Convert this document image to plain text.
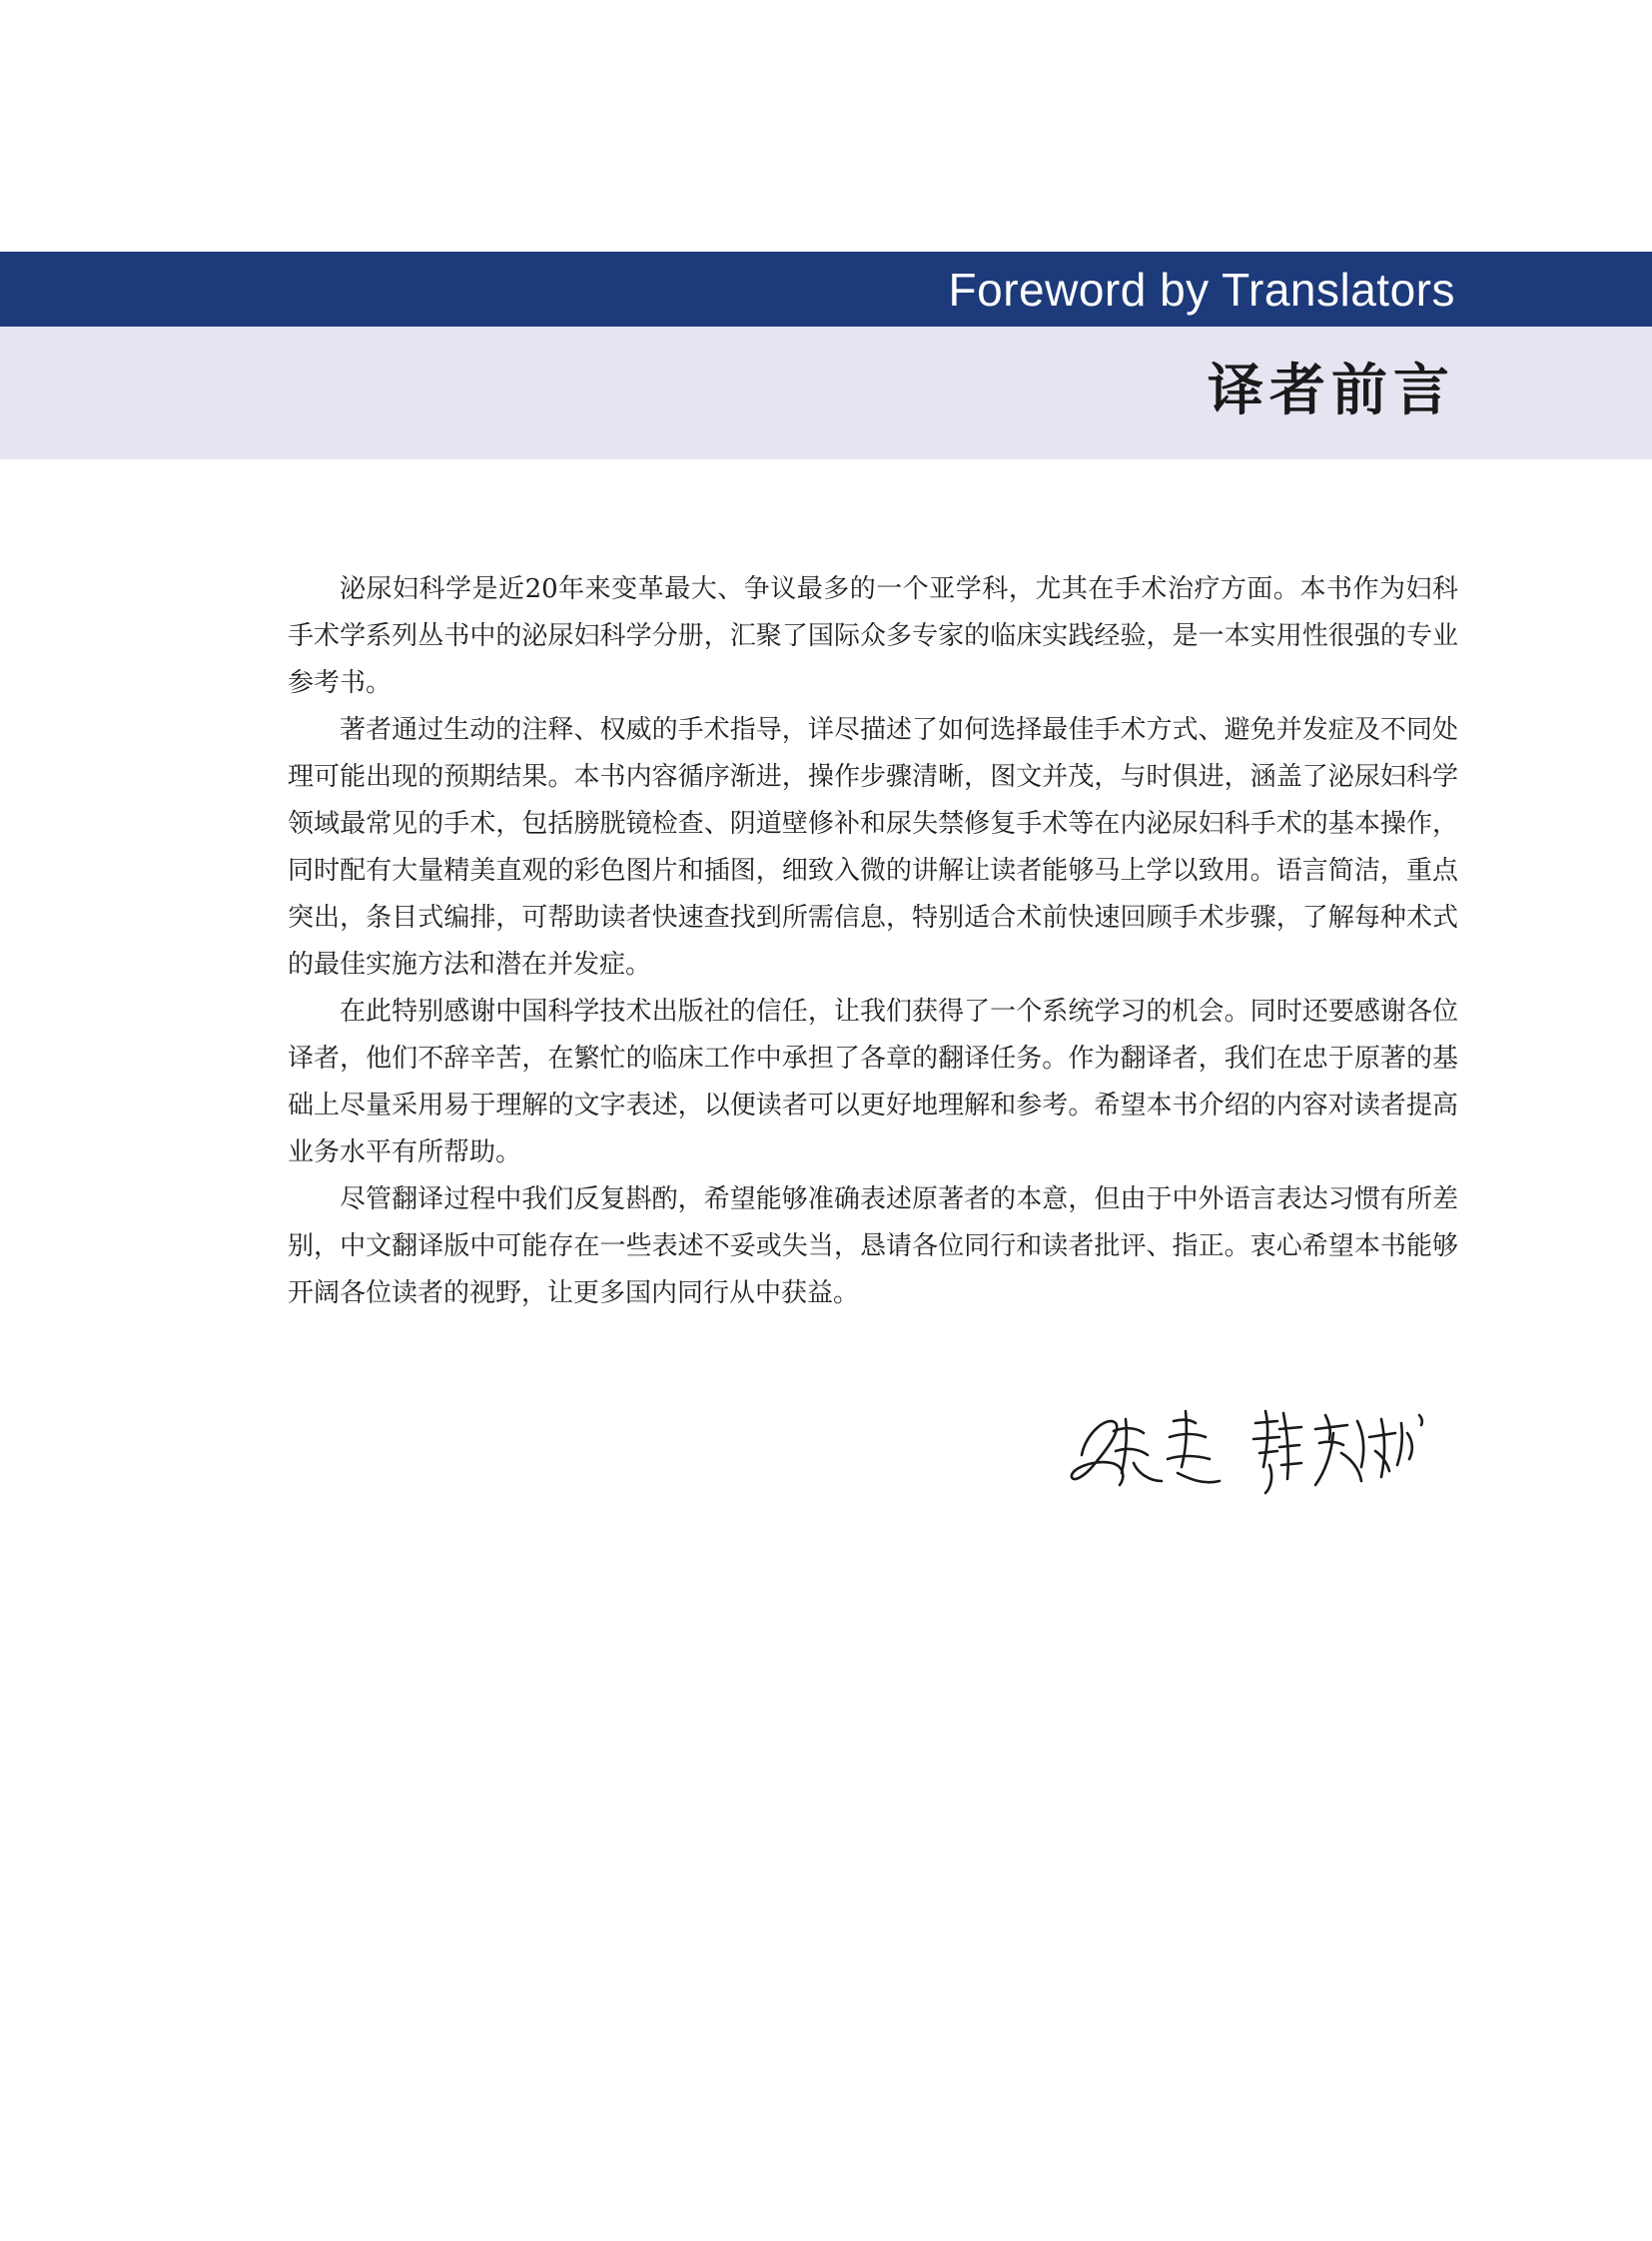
Foreword by Translators
译者前言

泌尿妇科学是近20年来变革最大、争议最多的一个亚学科，尤其在手术治疗方面。本书作为妇科手术学系列丛书中的泌尿妇科学分册，汇聚了国际众多专家的临床实践经验，是一本实用性很强的专业参考书。

著者通过生动的注释、权威的手术指导，详尽描述了如何选择最佳手术方式、避免并发症及不同处理可能出现的预期结果。本书内容循序渐进，操作步骤清晰，图文并茂，与时俱进，涵盖了泌尿妇科学领域最常见的手术，包括膀胱镜检查、阴道壁修补和尿失禁修复手术等在内泌尿妇科手术的基本操作，同时配有大量精美直观的彩色图片和插图，细致入微的讲解让读者能够马上学以致用。语言简洁，重点突出，条目式编排，可帮助读者快速查找到所需信息，特别适合术前快速回顾手术步骤，了解每种术式的最佳实施方法和潜在并发症。

在此特别感谢中国科学技术出版社的信任，让我们获得了一个系统学习的机会。同时还要感谢各位译者，他们不辞辛苦，在繁忙的临床工作中承担了各章的翻译任务。作为翻译者，我们在忠于原著的基础上尽量采用易于理解的文字表述，以便读者可以更好地理解和参考。希望本书介绍的内容对读者提高业务水平有所帮助。

尽管翻译过程中我们反复斟酌，希望能够准确表述原著者的本意，但由于中外语言表达习惯有所差别，中文翻译版中可能存在一些表述不妥或失当，恳请各位同行和读者批评、指正。衷心希望本书能够开阔各位读者的视野，让更多国内同行从中获益。
